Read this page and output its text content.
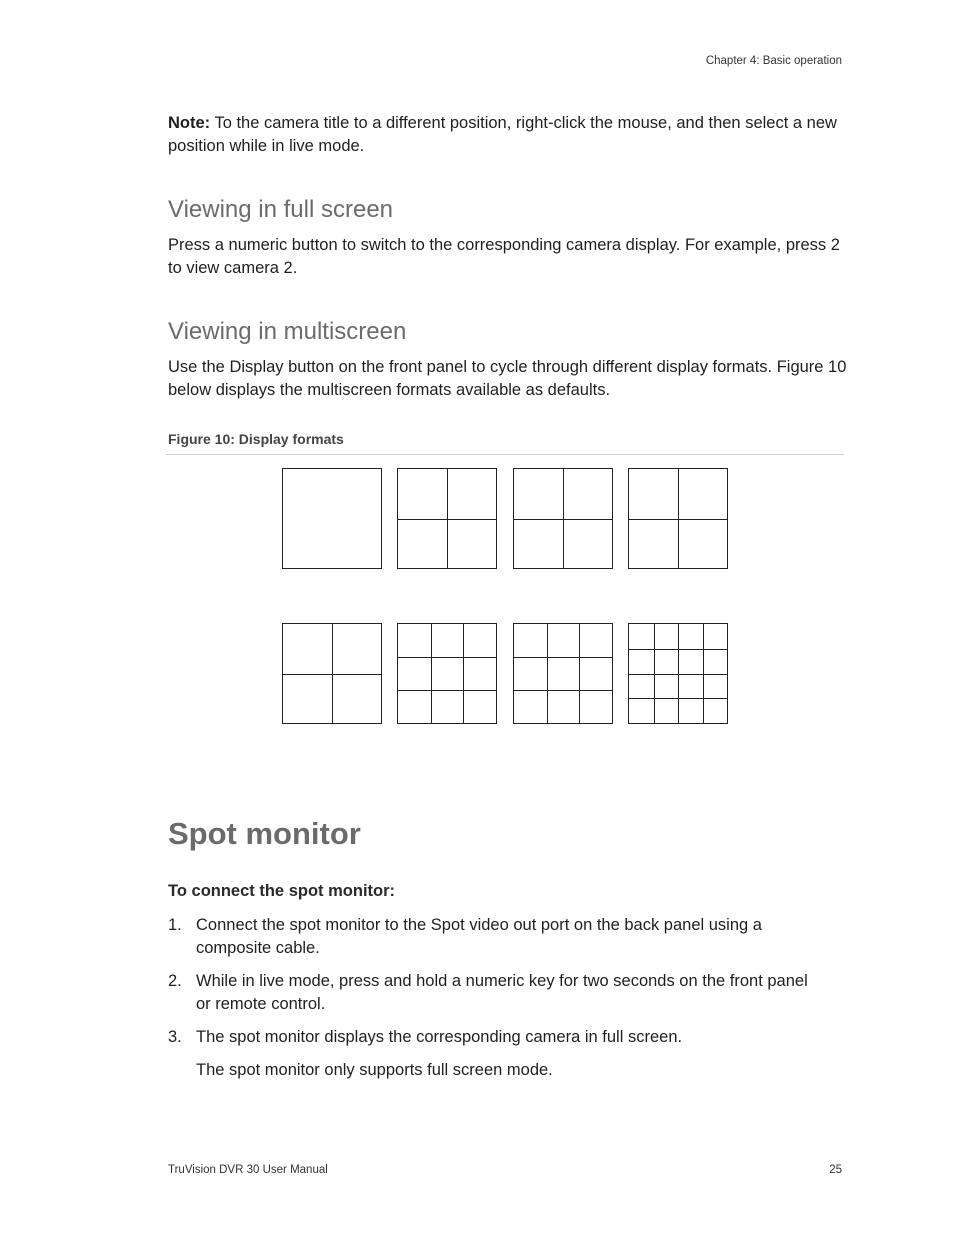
Chapter 4: Basic operation
Note: To the camera title to a different position, right-click the mouse, and then select a new position while in live mode.
Viewing in full screen
Press a numeric button to switch to the corresponding camera display. For example, press 2 to view camera 2.
Viewing in multiscreen
Use the Display button on the front panel to cycle through different display formats. Figure 10 below displays the multiscreen formats available as defaults.
Figure 10: Display formats
Spot monitor
To connect the spot monitor:
1. Connect the spot monitor to the Spot video out port on the back panel using a composite cable.
2. While in live mode, press and hold a numeric key for two seconds on the front panel or remote control.
3. The spot monitor displays the corresponding camera in full screen.
The spot monitor only supports full screen mode.
TruVision DVR 30 User Manual	25
